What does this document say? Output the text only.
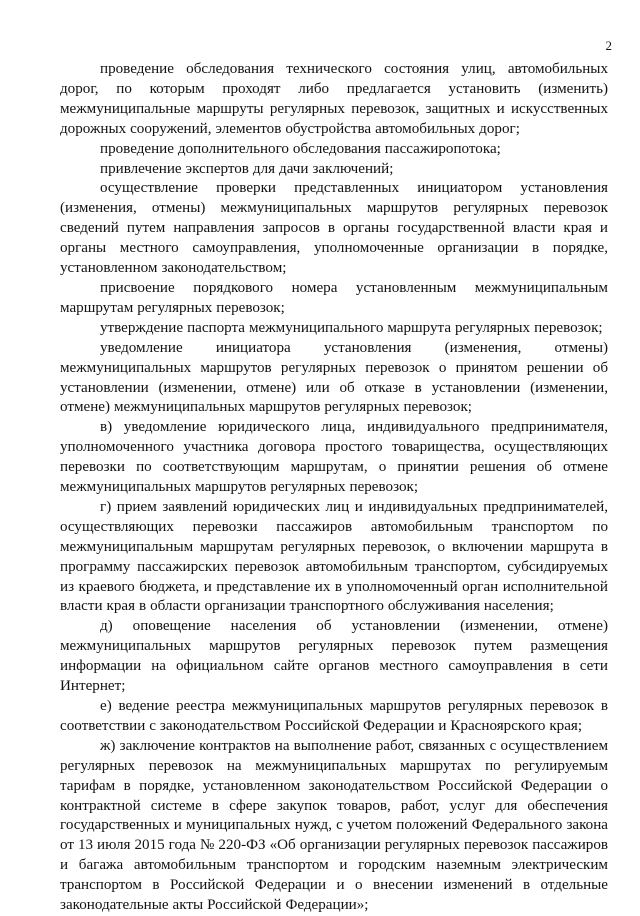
2

проведение обследования технического состояния улиц, автомобильных дорог, по которым проходят либо предлагается установить (изменить) межмуниципальные маршруты регулярных перевозок, защитных и искусственных дорожных сооружений, элементов обустройства автомобильных дорог;

проведение дополнительного обследования пассажиропотока;

привлечение экспертов для дачи заключений;

осуществление проверки представленных инициатором установления (изменения, отмены) межмуниципальных маршрутов регулярных перевозок сведений путем направления запросов в органы государственной власти края и органы местного самоуправления, уполномоченные организации в порядке, установленном законодательством;

присвоение порядкового номера установленным межмуниципальным маршрутам регулярных перевозок;

утверждение паспорта межмуниципального маршрута регулярных перевозок;

уведомление инициатора установления (изменения, отмены) межмуниципальных маршрутов регулярных перевозок о принятом решении об установлении (изменении, отмене) или об отказе в установлении (изменении, отмене) межмуниципальных маршрутов регулярных перевозок;

в) уведомление юридического лица, индивидуального предпринимателя, уполномоченного участника договора простого товарищества, осуществляющих перевозки по соответствующим маршрутам, о принятии решения об отмене межмуниципальных маршрутов регулярных перевозок;

г) прием заявлений юридических лиц и индивидуальных предпринимателей, осуществляющих перевозки пассажиров автомобильным транспортом по межмуниципальным маршрутам регулярных перевозок, о включении маршрута в программу пассажирских перевозок автомобильным транспортом, субсидируемых из краевого бюджета, и представление их в уполномоченный орган исполнительной власти края в области организации транспортного обслуживания населения;

д) оповещение населения об установлении (изменении, отмене) межмуниципальных маршрутов регулярных перевозок путем размещения информации на официальном сайте органов местного самоуправления в сети Интернет;

е) ведение реестра межмуниципальных маршрутов регулярных перевозок в соответствии с законодательством Российской Федерации и Красноярского края;

ж) заключение контрактов на выполнение работ, связанных с осуществлением регулярных перевозок на межмуниципальных маршрутах по регулируемым тарифам в порядке, установленном законодательством Российской Федерации о контрактной системе в сфере закупок товаров, работ, услуг для обеспечения государственных и муниципальных нужд, с учетом положений Федерального закона от 13 июля 2015 года № 220-ФЗ «Об организации регулярных перевозок пассажиров и багажа автомобильным транспортом и городским наземным электрическим транспортом в Российской Федерации и о внесении изменений в отдельные законодательные акты Российской Федерации»;
